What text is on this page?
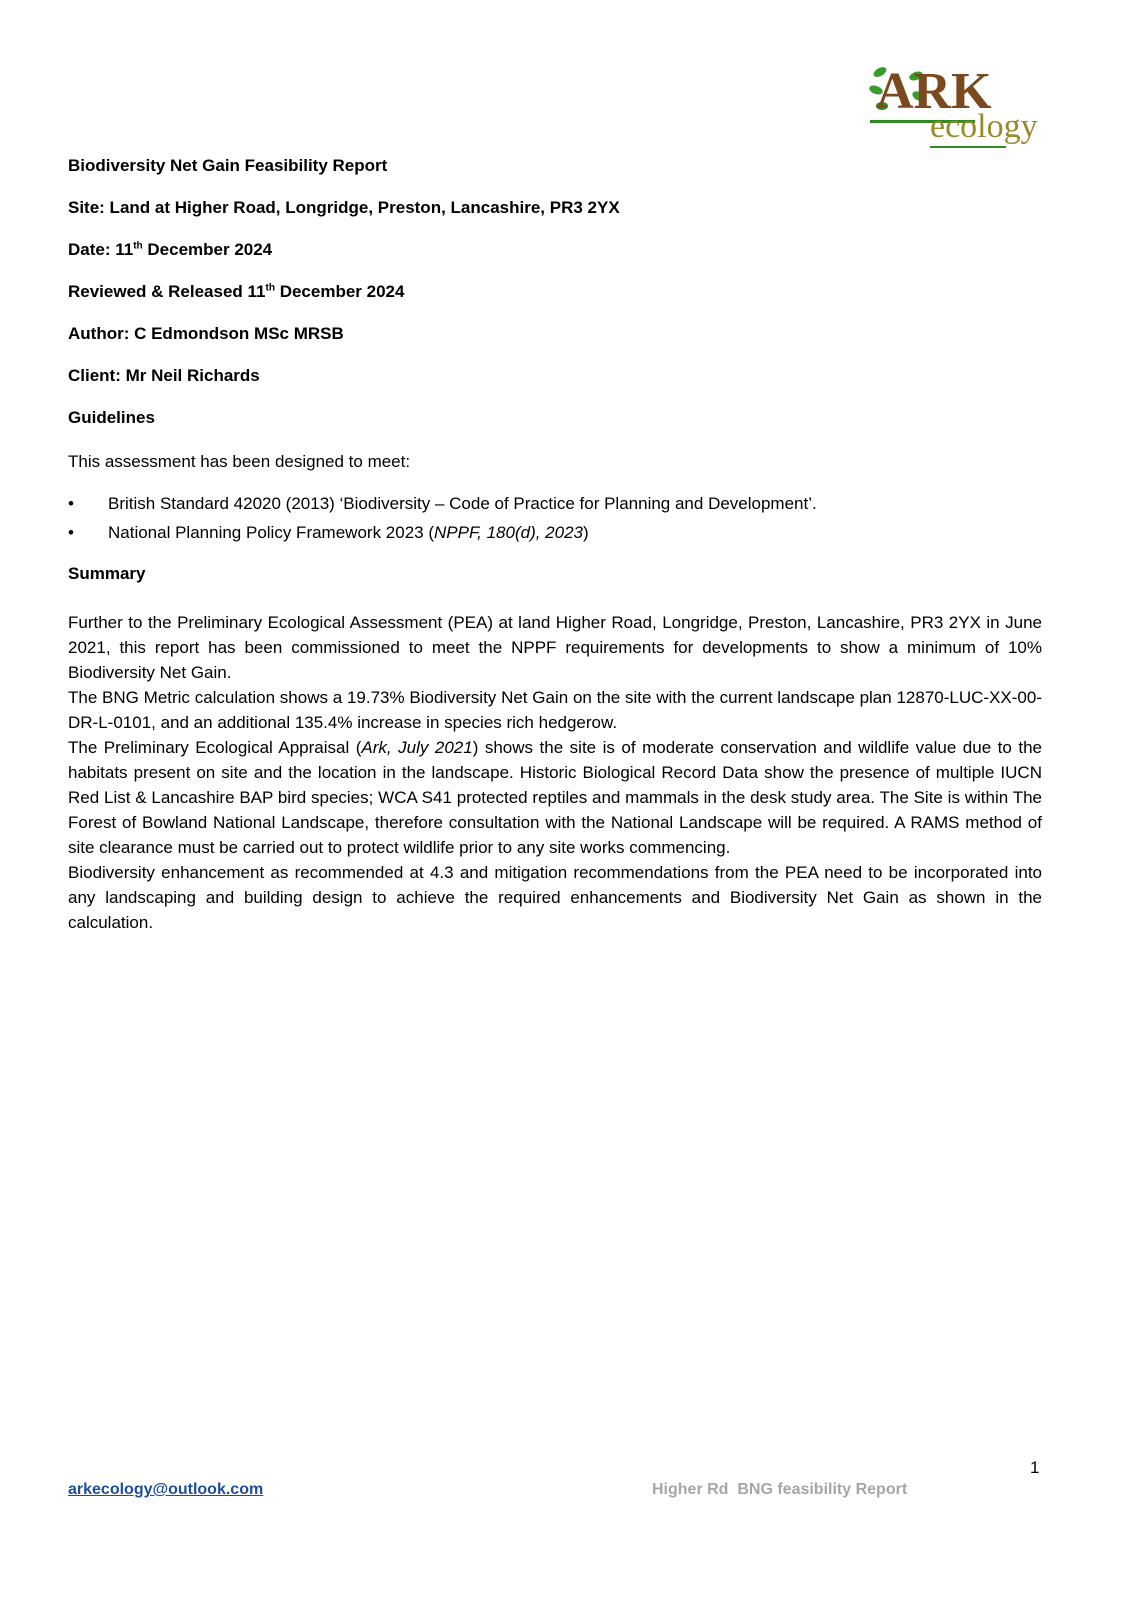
ARK
ecology
Biodiversity Net Gain Feasibility Report
Site: Land at Higher Road, Longridge, Preston, Lancashire, PR3 2YX
Date: 11th December 2024
Reviewed & Released 11th December 2024
Author: C Edmondson MSc MRSB
Client: Mr Neil Richards
Guidelines
This assessment has been designed to meet:
• British Standard 42020 (2013) ‘Biodiversity – Code of Practice for Planning and Development’.
• National Planning Policy Framework 2023 (NPPF, 180(d), 2023)
Summary
Further to the Preliminary Ecological Assessment (PEA) at land Higher Road, Longridge, Preston, Lancashire, PR3 2YX in June 2021, this report has been commissioned to meet the NPPF requirements for developments to show a minimum of 10% Biodiversity Net Gain.
The BNG Metric calculation shows a 19.73% Biodiversity Net Gain on the site with the current landscape plan 12870-LUC-XX-00-DR-L-0101, and an additional 135.4% increase in species rich hedgerow.
The Preliminary Ecological Appraisal (Ark, July 2021) shows the site is of moderate conservation and wildlife value due to the habitats present on site and the location in the landscape. Historic Biological Record Data show the presence of multiple IUCN Red List & Lancashire BAP bird species; WCA S41 protected reptiles and mammals in the desk study area. The Site is within The Forest of Bowland National Landscape, therefore consultation with the National Landscape will be required. A RAMS method of site clearance must be carried out to protect wildlife prior to any site works commencing.
Biodiversity enhancement as recommended at 4.3 and mitigation recommendations from the PEA need to be incorporated into any landscaping and building design to achieve the required enhancements and Biodiversity Net Gain as shown in the calculation.
1
arkecology@outlook.com	Higher Rd  BNG feasibility Report
